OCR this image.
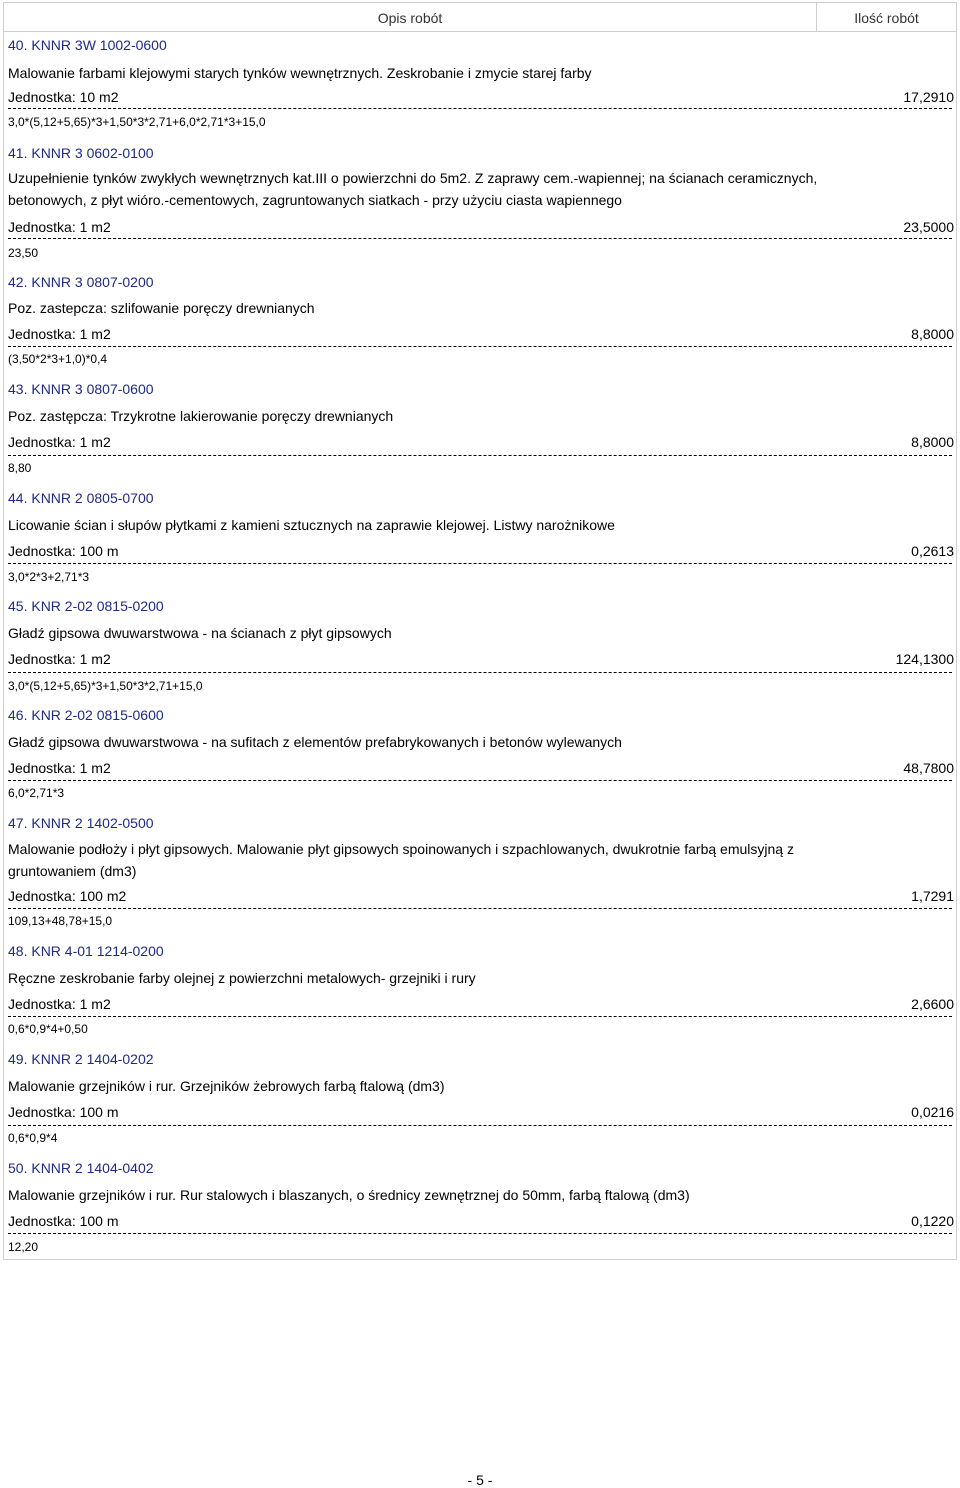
Opis robót	Ilość robót
40. KNNR 3W 1002-0600
Malowanie farbami klejowymi starych tynków wewnętrznych. Zeskrobanie i zmycie starej farby
Jednostka: 10 m2	17,2910
3,0*(5,12+5,65)*3+1,50*3*2,71+6,0*2,71*3+15,0
41. KNNR 3 0602-0100
Uzupełnienie tynków zwykłych wewnętrznych kat.III o powierzchni do 5m2. Z zaprawy cem.-wapiennej; na ścianach ceramicznych, betonowych, z płyt wióro.-cementowych, zagruntowanych siatkach - przy użyciu ciasta wapiennego
Jednostka: 1 m2	23,5000
23,50
42. KNNR 3 0807-0200
Poz. zastepcza: szlifowanie poręczy drewnianych
Jednostka: 1 m2	8,8000
(3,50*2*3+1,0)*0,4
43. KNNR 3 0807-0600
Poz. zastępcza: Trzykrotne lakierowanie poręczy drewnianych
Jednostka: 1 m2	8,8000
8,80
44. KNNR 2 0805-0700
Licowanie ścian i słupów płytkami z kamieni sztucznych na zaprawie klejowej. Listwy narożnikowe
Jednostka: 100 m	0,2613
3,0*2*3+2,71*3
45. KNR 2-02 0815-0200
Gładź gipsowa dwuwarstwowa - na ścianach z płyt gipsowych
Jednostka: 1 m2	124,1300
3,0*(5,12+5,65)*3+1,50*3*2,71+15,0
46. KNR 2-02 0815-0600
Gładź gipsowa dwuwarstwowa - na sufitach z elementów prefabrykowanych i betonów wylewanych
Jednostka: 1 m2	48,7800
6,0*2,71*3
47. KNNR 2 1402-0500
Malowanie podłoży i płyt gipsowych. Malowanie płyt gipsowych spoinowanych i szpachlowanych, dwukrotnie farbą emulsyjną z gruntowaniem (dm3)
Jednostka: 100 m2	1,7291
109,13+48,78+15,0
48. KNR 4-01 1214-0200
Ręczne zeskrobanie farby olejnej z powierzchni metalowych- grzejniki i rury
Jednostka: 1 m2	2,6600
0,6*0,9*4+0,50
49. KNNR 2 1404-0202
Malowanie grzejników i rur. Grzejników żebrowych farbą ftalową (dm3)
Jednostka: 100 m	0,0216
0,6*0,9*4
50. KNNR 2 1404-0402
Malowanie grzejników i rur. Rur stalowych i blaszanych, o średnicy zewnętrznej do 50mm, farbą ftalową (dm3)
Jednostka: 100 m	0,1220
12,20
- 5 -
